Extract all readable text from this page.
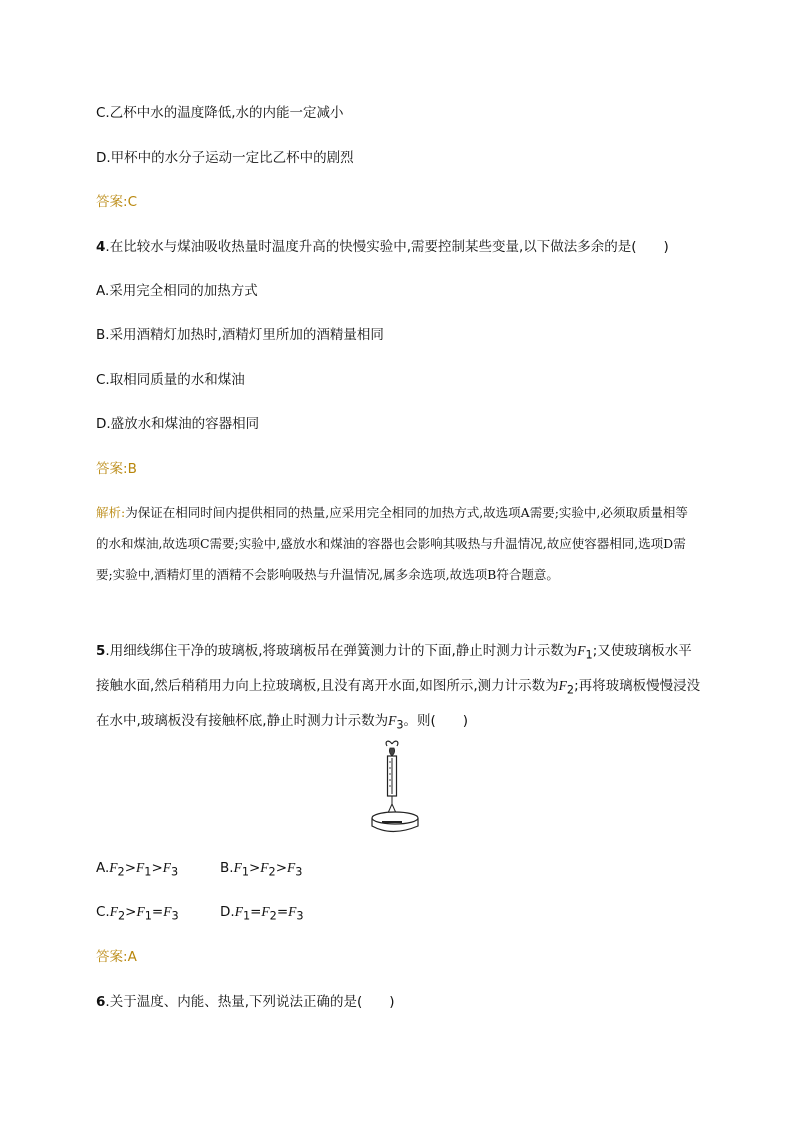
C.乙杯中水的温度降低,水的内能一定减小

D.甲杯中的水分子运动一定比乙杯中的剧烈

答案:C

4.在比较水与煤油吸收热量时温度升高的快慢实验中,需要控制某些变量,以下做法多余的是(　　)

A.采用完全相同的加热方式

B.采用酒精灯加热时,酒精灯里所加的酒精量相同

C.取相同质量的水和煤油

D.盛放水和煤油的容器相同

答案:B

解析:为保证在相同时间内提供相同的热量,应采用完全相同的加热方式,故选项A需要;实验中,必须取质量相等的水和煤油,故选项C需要;实验中,盛放水和煤油的容器也会影响其吸热与升温情况,故应使容器相同,选项D需要;实验中,酒精灯里的酒精不会影响吸热与升温情况,属多余选项,故选项B符合题意。

5.用细线绑住干净的玻璃板,将玻璃板吊在弹簧测力计的下面,静止时测力计示数为$F_1$;又使玻璃板水平接触水面,然后稍稍用力向上拉玻璃板,且没有离开水面,如图所示,测力计示数为$F_2$;再将玻璃板慢慢浸没在水中,玻璃板没有接触杯底,静止时测力计示数为$F_3$。则(　　)

$A.F_2>F_1>F_3$	$B.F_1>F_2>F_3$

$C.F_2>F_1=F_3$	$D.F_1=F_2=F_3$

答案:A

6.关于温度、内能、热量,下列说法正确的是(　　)
